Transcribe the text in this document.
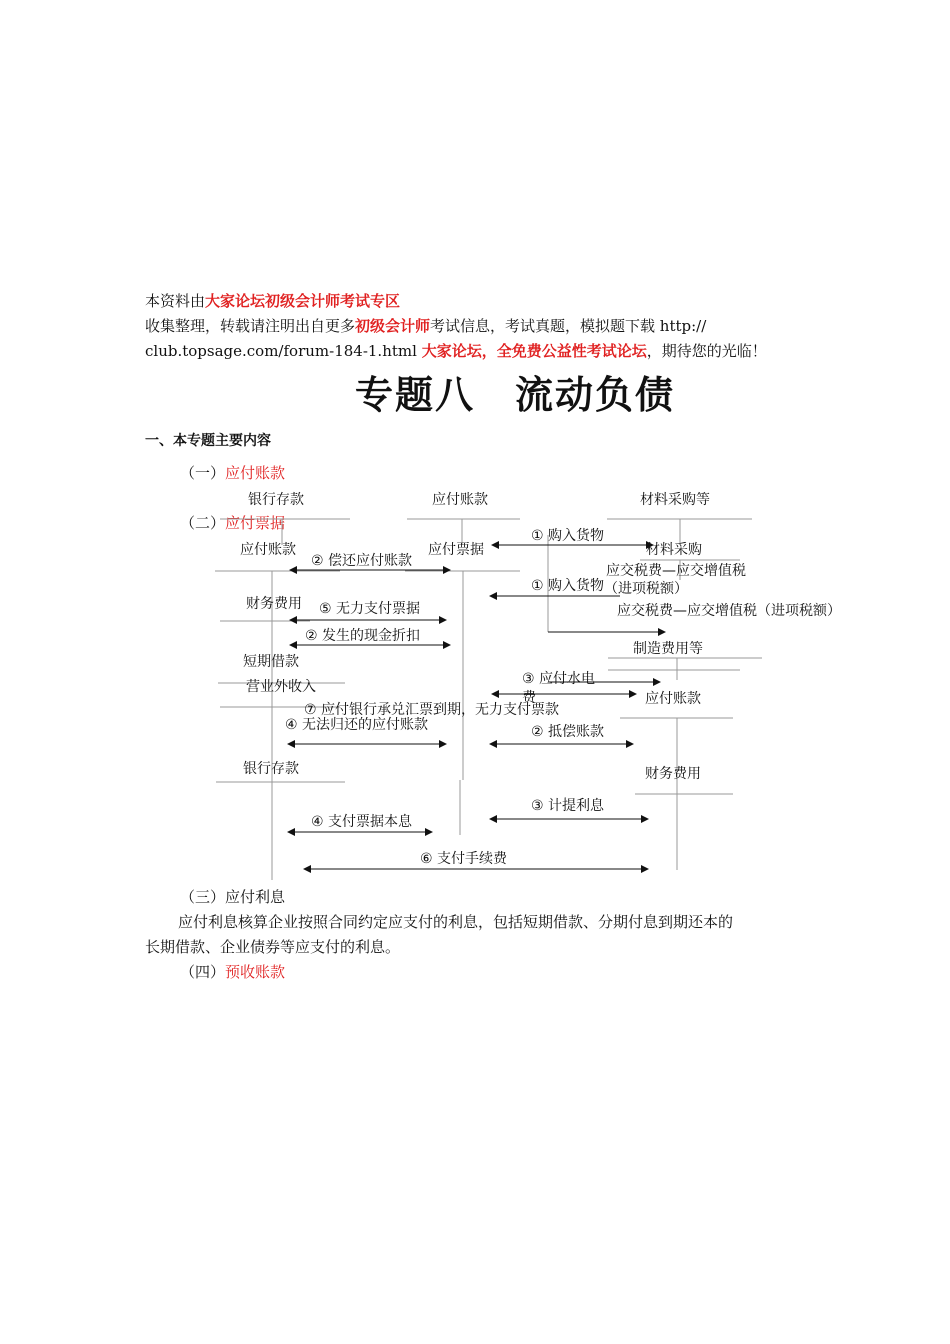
本资料由大家论坛初级会计师考试专区
收集整理，转载请注明出自更多初级会计师考试信息，考试真题，模拟题下载 http://
club.topsage.com/forum-184-1.html 大家论坛，全免费公益性考试论坛，期待您的光临！
专题八　流动负债
一、本专题主要内容
（一）应付账款
（二）应付票据
银行存款	应付账款	材料采购等
① 购入货物
应付账款	应付票据	材料采购
② 偿还应付账款
应交税费—应交增值税
（进项税额）
① 购入货物
财务费用 ⑤ 无力支付票据	应交税费—应交增值税（进项税额）
② 发生的现金折扣
制造费用等
短期借款
③ 应付水电
费
营业外收入
应付账款
⑦ 应付银行承兑汇票到期，无力支付票款
④ 无法归还的应付账款	② 抵偿账款
银行存款	财务费用
③ 计提利息
④ 支付票据本息
⑥ 支付手续费
（三）应付利息
应付利息核算企业按照合同约定应支付的利息，包括短期借款、分期付息到期还本的
长期借款、企业债券等应支付的利息。
（四）预收账款
